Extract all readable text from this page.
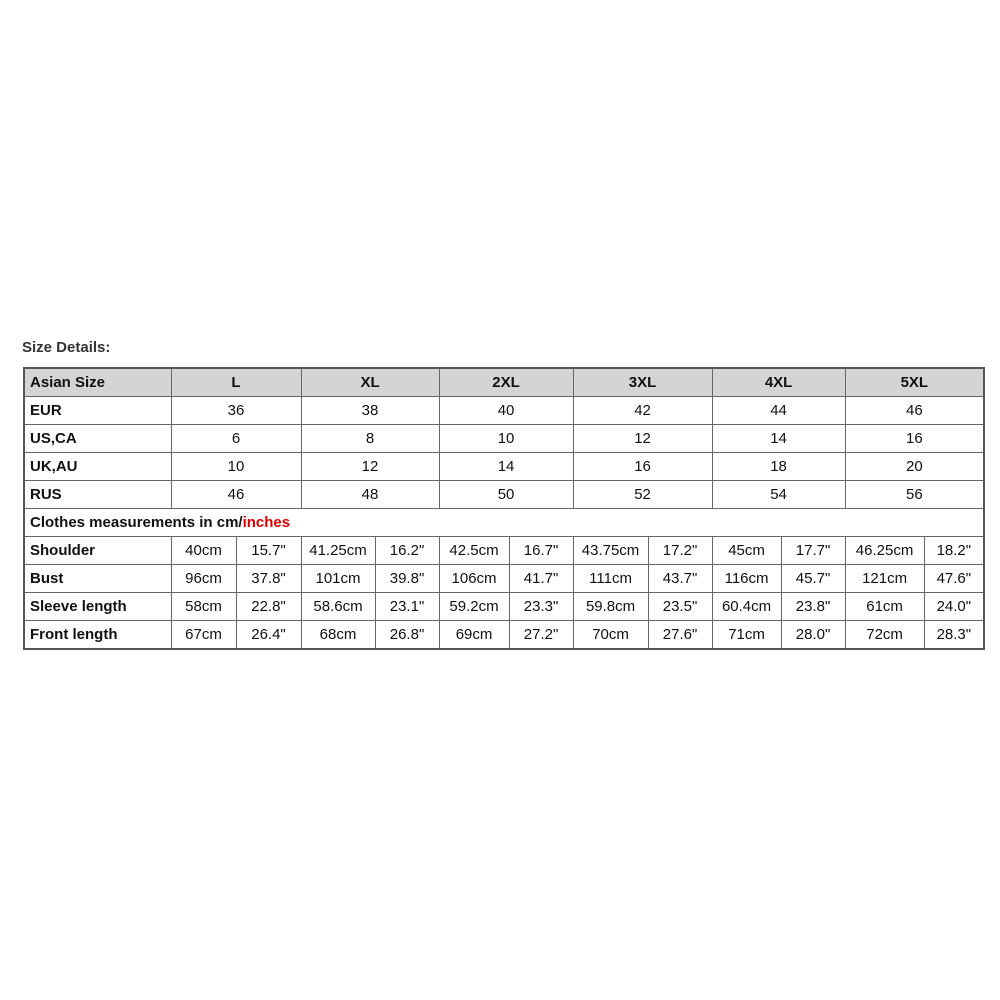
Size Details:
Asian Size	L		XL		2XL		3XL		4XL		5XL	
EUR	36		38		40		42		44		46	
US,CA	6		8		10		12		14		16	
UK,AU	10		12		14		16		18		20	
RUS	46		48		50		52		54		56	
Clothes measurements in cm/inches												
Shoulder	40cm	15.7"	41.25cm	16.2"	42.5cm	16.7"	43.75cm	17.2"	45cm	17.7"	46.25cm	18.2"
Bust	96cm	37.8"	101cm	39.8"	106cm	41.7"	111cm	43.7"	116cm	45.7"	121cm	47.6"
Sleeve length	58cm	22.8"	58.6cm	23.1"	59.2cm	23.3"	59.8cm	23.5"	60.4cm	23.8"	61cm	24.0"
Front length	67cm	26.4"	68cm	26.8"	69cm	27.2"	70cm	27.6"	71cm	28.0"	72cm	28.3"
